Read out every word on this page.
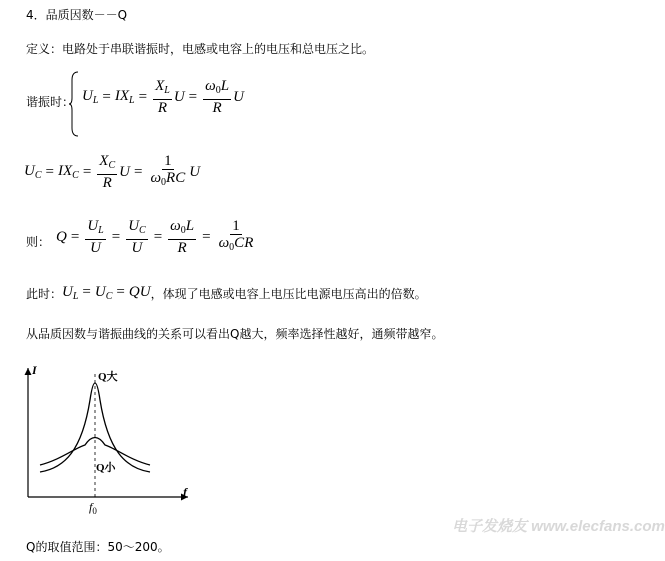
4．品质因数－－Q
定义：电路处于串联谐振时，电感或电容上的电压和总电压之比。
谐振时： $U_L = IX_L = \frac{X_L}{R}$ $U = \frac{\omega_0L}{R}$ U
$U_C = IX_C = \frac{X_C}{R}$ $U = \frac{1}{\omega_0RC}$ U
则： $Q = \frac{U_L}{U} = \frac{U_C}{U} = \frac{\omega_0L}{R} = \frac{1}{\omega_0CR}$
此时： $U_L = U_C$ = QU ，体现了电感或电容上电压比电源电压高出的倍数。
从品质因数与谐振曲线的关系可以看出Q越大，频率选择性越好，通频带越窄。
I
f
Q大
Q小
$f_0$
Q的取值范围：50～200。
电子发烧友 www.elecfans.com
